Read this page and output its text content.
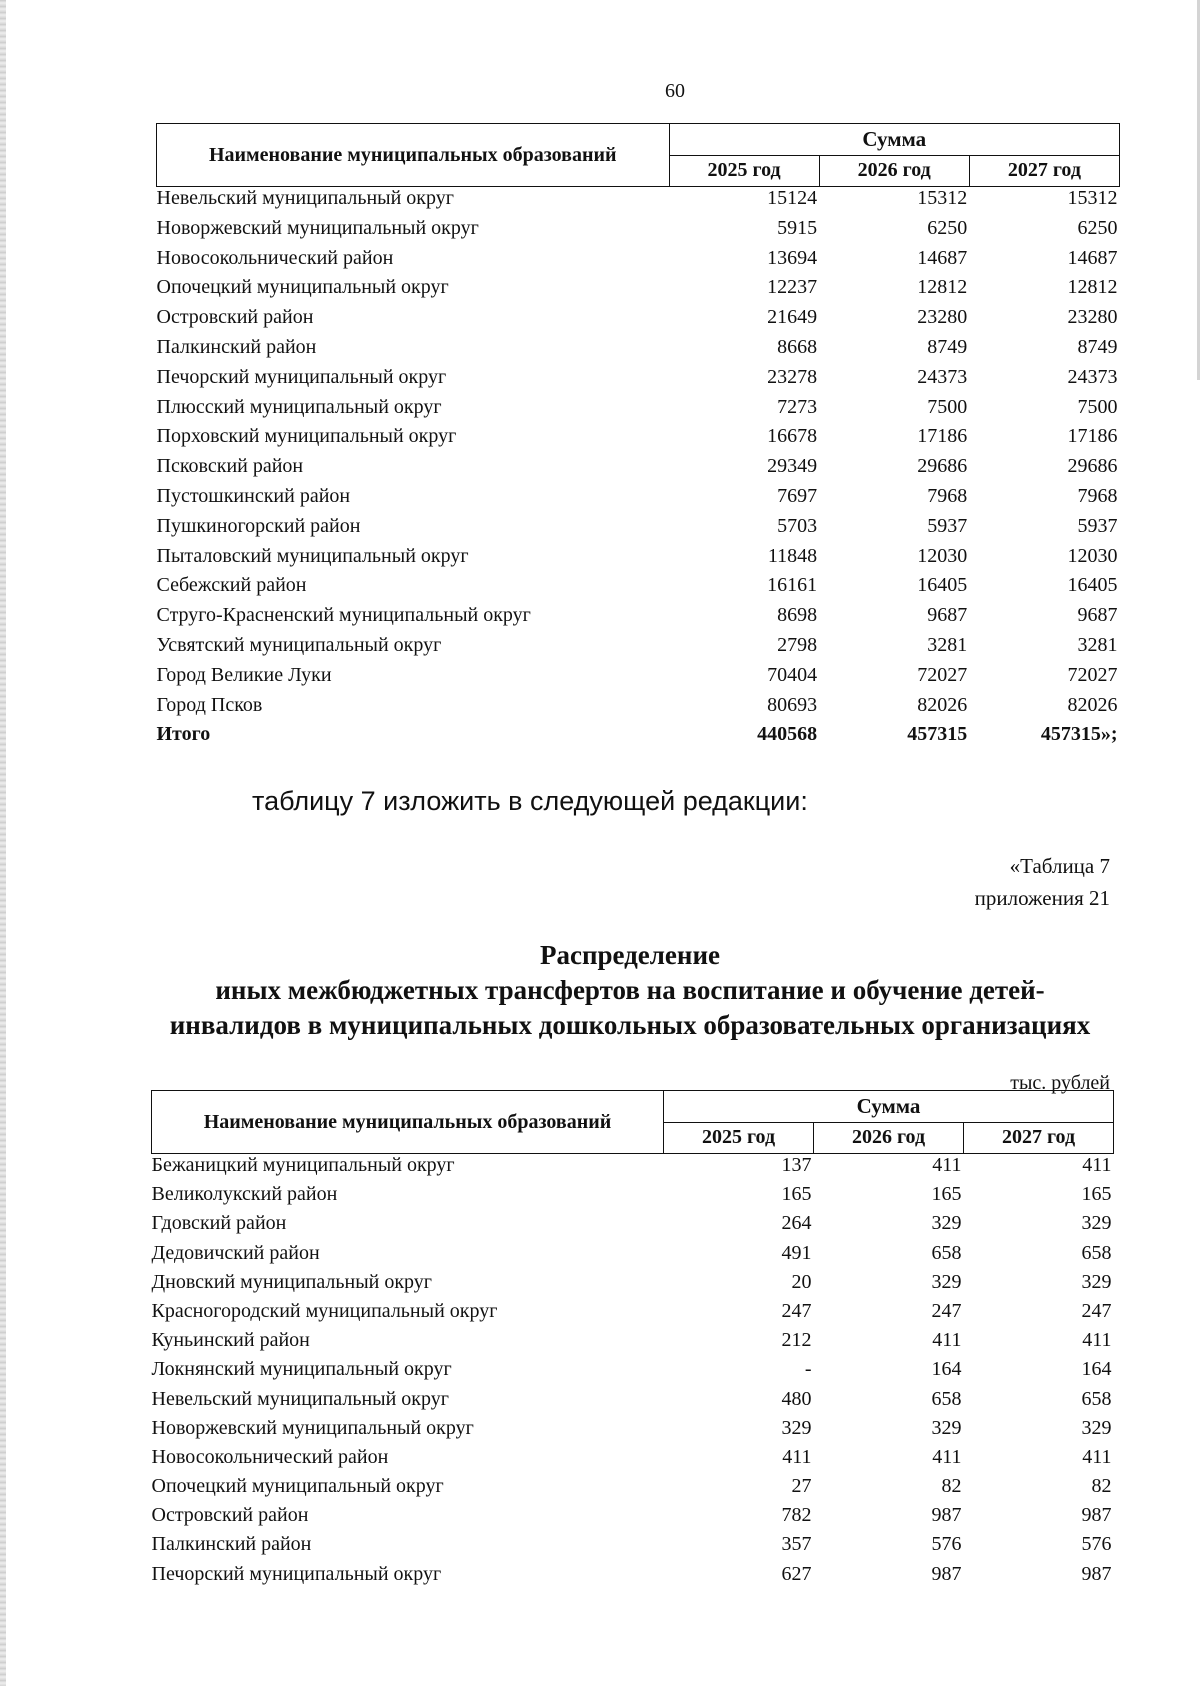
60
Наименование муниципальных образований	Сумма		
	2025 год	2026 год	2027 год
Невельский муниципальный округ	15124	15312	15312
Новоржевский муниципальный округ	5915	6250	6250
Новосокольнический район	13694	14687	14687
Опочецкий муниципальный округ	12237	12812	12812
Островский район	21649	23280	23280
Палкинский район	8668	8749	8749
Печорский муниципальный округ	23278	24373	24373
Плюсский муниципальный округ	7273	7500	7500
Порховский муниципальный округ	16678	17186	17186
Псковский район	29349	29686	29686
Пустошкинский район	7697	7968	7968
Пушкиногорский район	5703	5937	5937
Пыталовский муниципальный округ	11848	12030	12030
Себежский район	16161	16405	16405
Струго-Красненский муниципальный округ	8698	9687	9687
Усвятский муниципальный округ	2798	3281	3281
Город Великие Луки	70404	72027	72027
Город Псков	80693	82026	82026
Итого	440568	457315	457315»;
таблицу 7 изложить в следующей редакции:
«Таблица 7
приложения 21
Распределение
иных межбюджетных трансфертов на воспитание и обучение детей-
инвалидов в муниципальных дошкольных образовательных организациях
тыс. рублей
Наименование муниципальных образований	Сумма		
	2025 год	2026 год	2027 год
Бежаницкий муниципальный округ	137	411	411
Великолукский район	165	165	165
Гдовский район	264	329	329
Дедовичский район	491	658	658
Дновский муниципальный округ	20	329	329
Красногородский муниципальный округ	247	247	247
Куньинский район	212	411	411
Локнянский муниципальный округ	-	164	164
Невельский муниципальный округ	480	658	658
Новоржевский муниципальный округ	329	329	329
Новосокольнический район	411	411	411
Опочецкий муниципальный округ	27	82	82
Островский район	782	987	987
Палкинский район	357	576	576
Печорский муниципальный округ	627	987	987
